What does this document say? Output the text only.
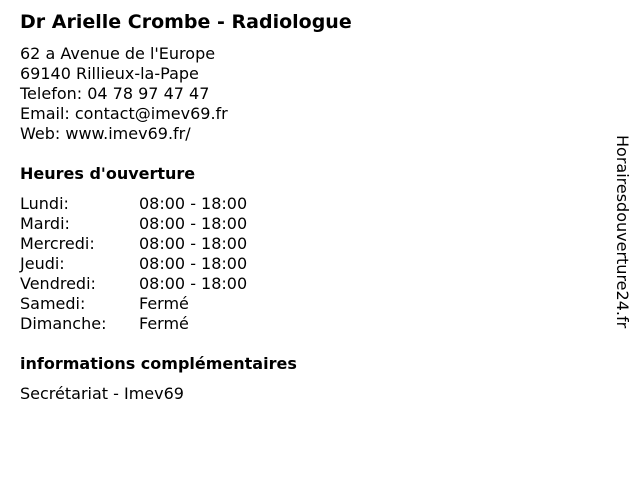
Dr Arielle Crombe - Radiologue
62 a Avenue de l'Europe
69140 Rillieux-la-Pape
Telefon: 04 78 97 47 47
Email: contact@imev69.fr
Web: www.imev69.fr/
Heures d'ouverture
Lundi:	08:00 - 18:00
Mardi:	08:00 - 18:00
Mercredi:	08:00 - 18:00
Jeudi:	08:00 - 18:00
Vendredi:	08:00 - 18:00
Samedi:	Fermé
Dimanche:	Fermé
informations complémentaires
Secrétariat - Imev69
Horairesdouverture24.fr
